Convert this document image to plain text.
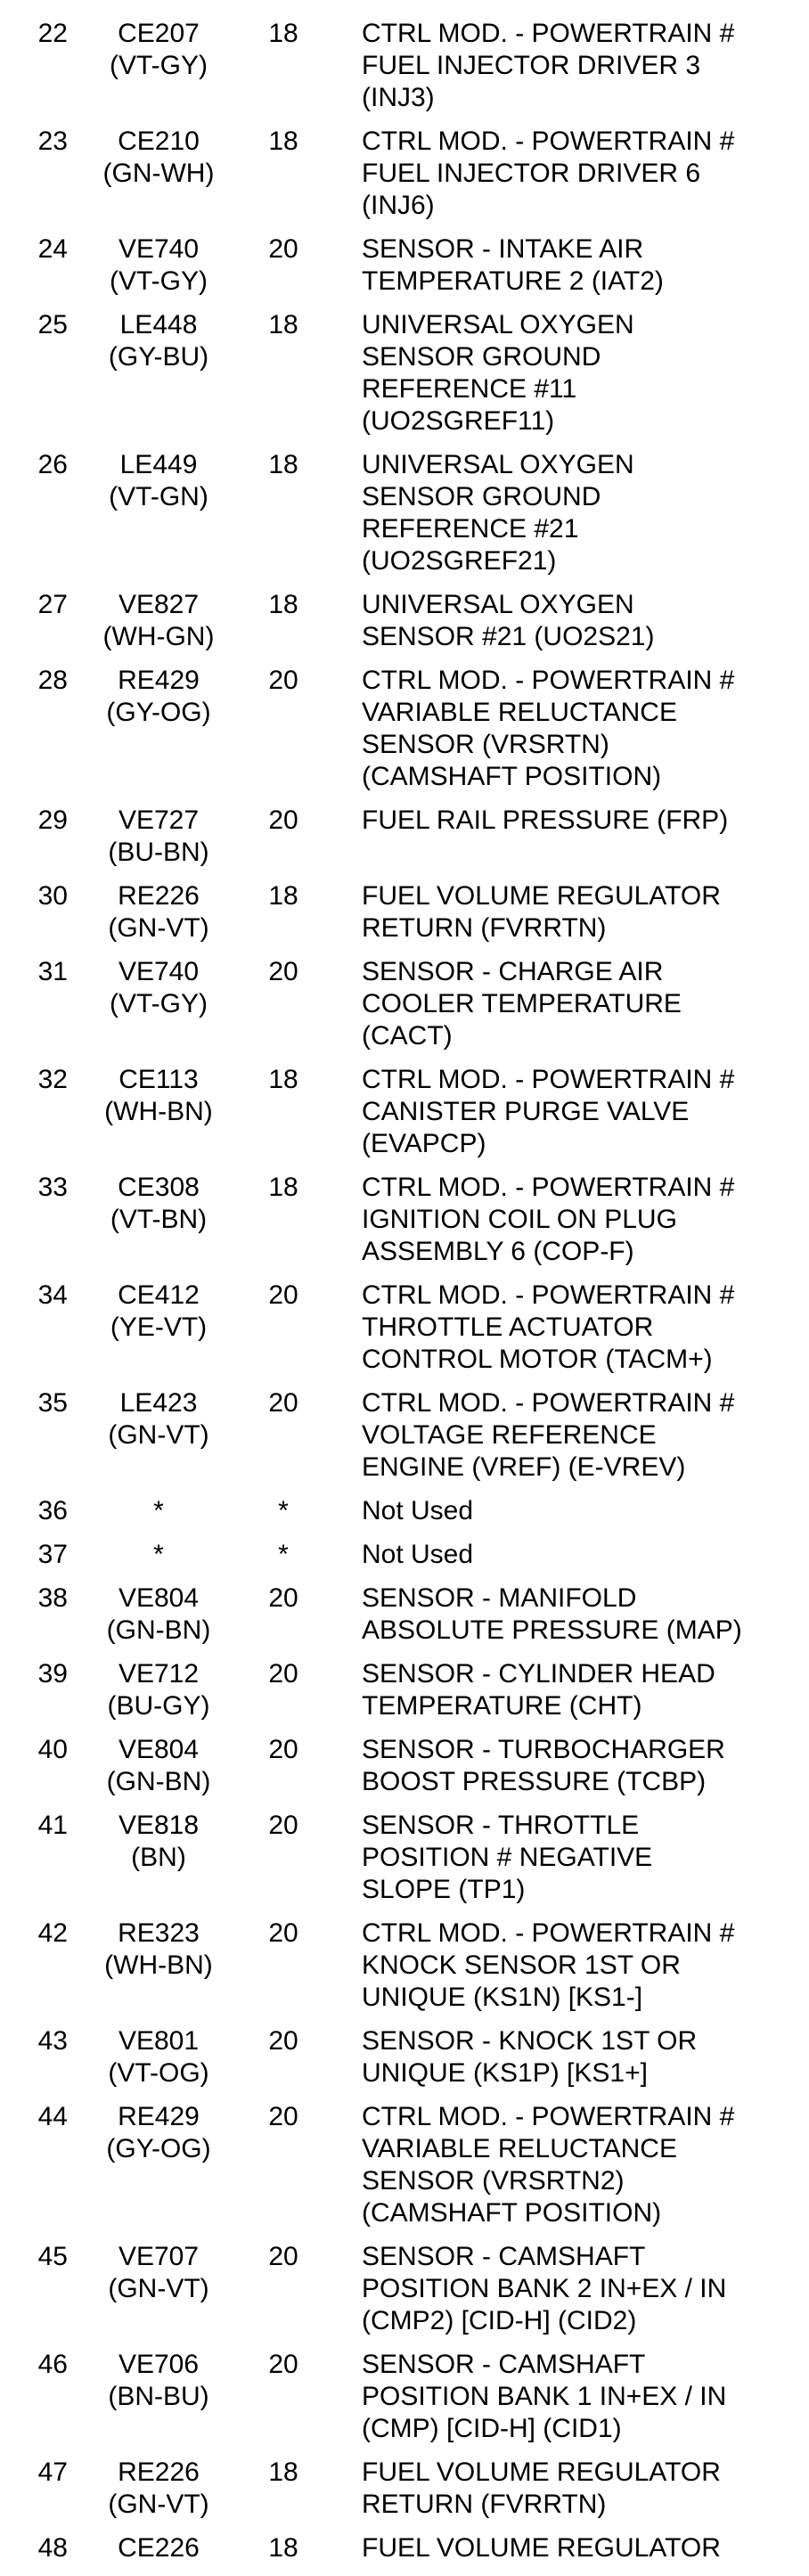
22	CE207
(VT-GY)
18	CTRL MOD. - POWERTRAIN #
FUEL INJECTOR DRIVER 3
(INJ3)
23	CE210
(GN-WH)
18	CTRL MOD. - POWERTRAIN #
FUEL INJECTOR DRIVER 6
(INJ6)
24	VE740
(VT-GY)
20	SENSOR - INTAKE AIR
TEMPERATURE 2 (IAT2)
25	LE448
(GY-BU)
18	UNIVERSAL OXYGEN
SENSOR GROUND
REFERENCE #11
(UO2SGREF11)
26	LE449
(VT-GN)
18	UNIVERSAL OXYGEN
SENSOR GROUND
REFERENCE #21
(UO2SGREF21)
27	VE827
(WH-GN)
18	UNIVERSAL OXYGEN
SENSOR #21 (UO2S21)
28	RE429
(GY-OG)
20	CTRL MOD. - POWERTRAIN #
VARIABLE RELUCTANCE
SENSOR (VRSRTN)
(CAMSHAFT POSITION)
29	VE727
(BU-BN)
20	FUEL RAIL PRESSURE (FRP)
30	RE226
(GN-VT)
18	FUEL VOLUME REGULATOR
RETURN (FVRRTN)
31	VE740
(VT-GY)
20	SENSOR - CHARGE AIR
COOLER TEMPERATURE
(CACT)
32	CE113
(WH-BN)
18	CTRL MOD. - POWERTRAIN #
CANISTER PURGE VALVE
(EVAPCP)
33	CE308
(VT-BN)
18	CTRL MOD. - POWERTRAIN #
IGNITION COIL ON PLUG
ASSEMBLY 6 (COP-F)
34	CE412
(YE-VT)
20	CTRL MOD. - POWERTRAIN #
THROTTLE ACTUATOR
CONTROL MOTOR (TACM+)
35	LE423
(GN-VT)
20	CTRL MOD. - POWERTRAIN #
VOLTAGE REFERENCE
ENGINE (VREF) (E-VREV)
36	*	*	Not Used
37	*	*	Not Used
38	VE804
(GN-BN)
20	SENSOR - MANIFOLD
ABSOLUTE PRESSURE (MAP)
39	VE712
(BU-GY)
20	SENSOR - CYLINDER HEAD
TEMPERATURE (CHT)
40	VE804
(GN-BN)
20	SENSOR - TURBOCHARGER
BOOST PRESSURE (TCBP)
41	VE818
(BN)
20	SENSOR - THROTTLE
POSITION # NEGATIVE
SLOPE (TP1)
42	RE323
(WH-BN)
20	CTRL MOD. - POWERTRAIN #
KNOCK SENSOR 1ST OR
UNIQUE (KS1N) [KS1-]
43	VE801
(VT-OG)
20	SENSOR - KNOCK 1ST OR
UNIQUE (KS1P) [KS1+]
44	RE429
(GY-OG)
20	CTRL MOD. - POWERTRAIN #
VARIABLE RELUCTANCE
SENSOR (VRSRTN2)
(CAMSHAFT POSITION)
45	VE707
(GN-VT)
20	SENSOR - CAMSHAFT
POSITION BANK 2 IN+EX / IN
(CMP2) [CID-H] (CID2)
46	VE706
(BN-BU)
20	SENSOR - CAMSHAFT
POSITION BANK 1 IN+EX / IN
(CMP) [CID-H] (CID1)
47	RE226
(GN-VT)
18	FUEL VOLUME REGULATOR
RETURN (FVRRTN)
48	CE226	18	FUEL VOLUME REGULATOR
